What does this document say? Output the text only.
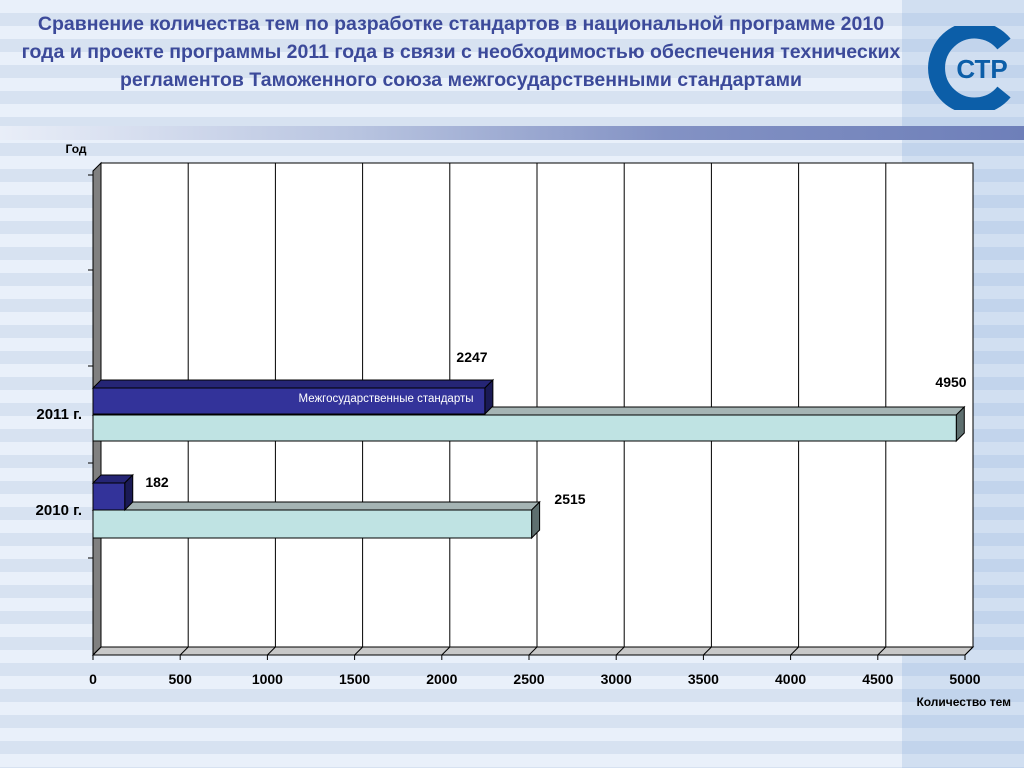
Сравнение количества тем по разработке стандартов в национальной программе 2010 года и проекте программы 2011 года в связи с необходимостью обеспечения технических регламентов Таможенного союза межгосударственными стандартами	СТР
0	500	1000	1500	2000	2500	3000	3500	4000	4500	5000
2010 г.
2011 г.
2515
4950
182
2247
Межгосударственные стандарты
Год
Количество тем
